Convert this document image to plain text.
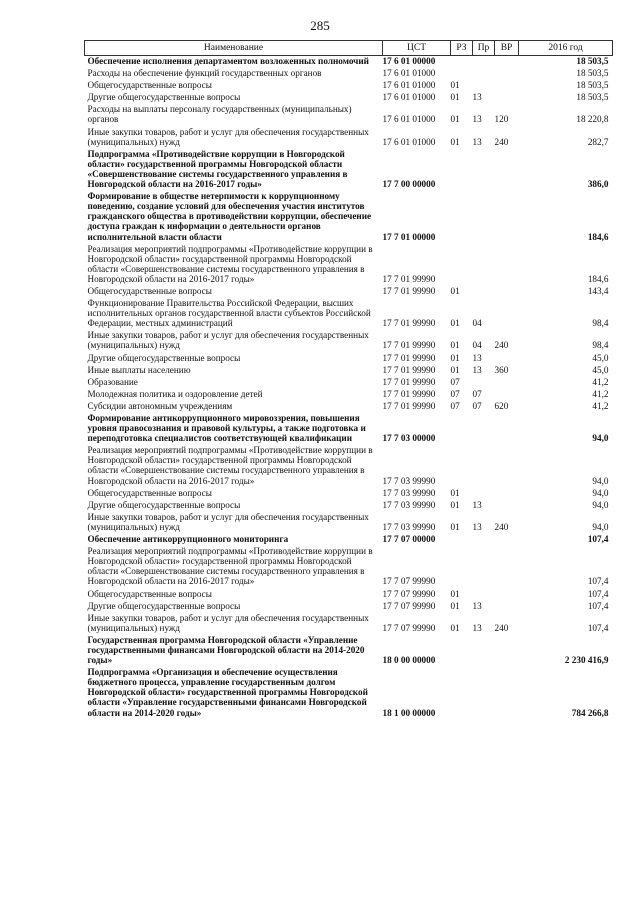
285
Наименование	ЦСТ	РЗ	Пр	ВР	2016 год
Обеспечение исполнения департаментом возложенных полномочий	17 6 01 00000				18 503,5
Расходы на обеспечение функций государственных органов	17 6 01 01000				18 503,5
Общегосударственные вопросы	17 6 01 01000	01			18 503,5
Другие общегосударственные вопросы	17 6 01 01000	01	13		18 503,5
Расходы на выплаты персоналу государственных (муниципальных) органов	17 6 01 01000	01	13	120	18 220,8
Иные закупки товаров, работ и услуг для обеспечения государственных (муниципальных) нужд	17 6 01 01000	01	13	240	282,7
Подпрограмма «Противодействие коррупции в Новгородской области» государственной программы Новгородской области «Совершенствование системы государственного управления в Новгородской области на 2016-2017 годы»	17 7 00 00000				386,0
Формирование в обществе нетерпимости к коррупционному поведению, создание условий для обеспечения участия институтов гражданского общества в противодействии коррупции, обеспечение доступа граждан к информации о деятельности органов исполнительной власти области	17 7 01 00000				184,6
Реализация мероприятий подпрограммы «Противодействие коррупции в Новгородской области» государственной программы Новгородской области «Совершенствование системы государственного управления в Новгородской области на 2016-2017 годы»	17 7 01 99990				184,6
Общегосударственные вопросы	17 7 01 99990	01			143,4
Функционирование Правительства Российской Федерации, высших исполнительных органов государственной власти субъектов Российской Федерации, местных администраций	17 7 01 99990	01	04		98,4
Иные закупки товаров, работ и услуг для обеспечения государственных (муниципальных) нужд	17 7 01 99990	01	04	240	98,4
Другие общегосударственные вопросы	17 7 01 99990	01	13		45,0
Иные выплаты населению	17 7 01 99990	01	13	360	45,0
Образование	17 7 01 99990	07			41,2
Молодежная политика и оздоровление детей	17 7 01 99990	07	07		41,2
Субсидии автономным учреждениям	17 7 01 99990	07	07	620	41,2
Формирование антикоррупционного мировоззрения, повышения уровня правосознания и правовой культуры, а также подготовка и переподготовка специалистов соответствующей квалификации	17 7 03 00000				94,0
Реализация мероприятий подпрограммы «Противодействие коррупции в Новгородской области» государственной программы Новгородской области «Совершенствование системы государственного управления в Новгородской области на 2016-2017 годы»	17 7 03 99990				94,0
Общегосударственные вопросы	17 7 03 99990	01			94,0
Другие общегосударственные вопросы	17 7 03 99990	01	13		94,0
Иные закупки товаров, работ и услуг для обеспечения государственных (муниципальных) нужд	17 7 03 99990	01	13	240	94,0
Обеспечение антикоррупционного мониторинга	17 7 07 00000				107,4
Реализация мероприятий подпрограммы «Противодействие коррупции в Новгородской области» государственной программы Новгородской области «Совершенствование системы государственного управления в Новгородской области на 2016-2017 годы»	17 7 07 99990				107,4
Общегосударственные вопросы	17 7 07 99990	01			107,4
Другие общегосударственные вопросы	17 7 07 99990	01	13		107,4
Иные закупки товаров, работ и услуг для обеспечения государственных (муниципальных) нужд	17 7 07 99990	01	13	240	107,4
Государственная программа Новгородской области «Управление государственными финансами Новгородской области на 2014-2020 годы»	18 0 00 00000				2 230 416,9
Подпрограмма «Организация и обеспечение осуществления бюджетного процесса, управление государственным долгом Новгородской области» государственной программы Новгородской области «Управление государственными финансами Новгородской области на 2014-2020 годы»	18 1 00 00000				784 266,8
